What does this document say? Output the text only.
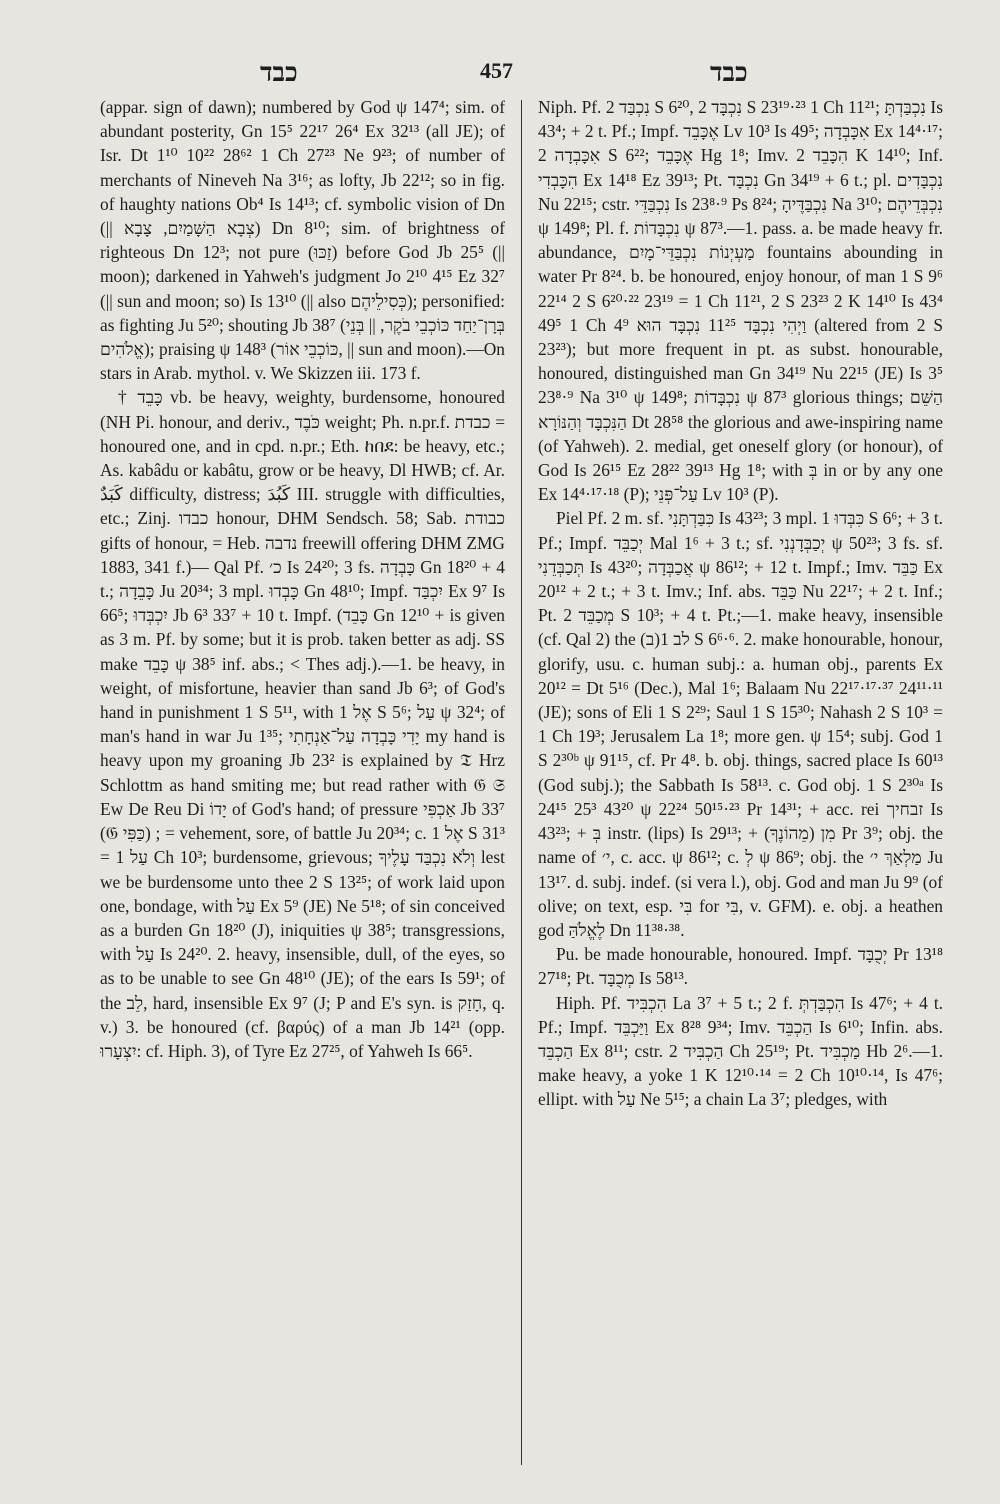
כבד	457	כבד

(appar. sign of dawn); numbered by God ψ 147⁴; sim. of abundant posterity, Gn 15⁵ 22¹⁷ 26⁴ Ex 32¹³ (all JE); of Isr. Dt 1¹⁰ 10²² 28⁶² 1 Ch 27²³ Ne 9²³; of number of merchants of Nineveh Na 3¹⁶; as lofty, Jb 22¹²; so in fig. of haughty nations Ob⁴ Is 14¹³; cf. symbolic vision of Dn (|| צְבָא הַשָּׁמַיִם, צָבָא) Dn 8¹⁰; sim. of brightness of righteous Dn 12³; not pure (זַכּוּ) before God Jb 25⁵ (|| moon); darkened in Yahweh's judgment Jo 2¹⁰ 4¹⁵ Ez 32⁷ (|| sun and moon; so) Is 13¹⁰ (|| also כְּסִילֵיהֶם); personified: as fighting Ju 5²⁰; shouting Jb 38⁷ (בְּרָן־יַחַד כּוֹכְבֵי בֹקֶר, || בְּנֵי אֱלֹהִים); praising ψ 148³ (כּוֹכְבֵי אוֹר, || sun and moon).—On stars in Arab. mythol. v. We Skizzen iii. 173 f.

† כָּבֵד vb. be heavy, weighty, burdensome, honoured (NH Pi. honour, and deriv., כֹּבֶד weight; Ph. n.pr.f. כבדת = honoured one, and in cpd. n.pr.; Eth. ከበደ: be heavy, etc.; As. kabâdu or kabâtu, grow or be heavy, Dl HWB; cf. Ar. كَبَدٌ difficulty, distress; كَبُدَ III. struggle with difficulties, etc.; Zinj. כבדו honour, DHM Sendsch. 58; Sab. כבודת gifts of honour, = Heb. נדבה freewill offering DHM ZMG 1883, 341 f.)— Qal Pf. כ׳ Is 24²⁰; 3 fs. כָּבְדָה Gn 18²⁰ + 4 t.; כָּבֵדָה Ju 20³⁴; 3 mpl. כָּבְדוּ Gn 48¹⁰; Impf. יִכְבַּד Ex 9⁷ Is 66⁵; יִכְבְּדוּ Jb 6³ 33⁷ + 10 t. Impf. (כָּבֵד Gn 12¹⁰ + is given as 3 m. Pf. by some; but it is prob. taken better as adj. SS make כָּבֵד ψ 38⁵ inf. abs.; < Thes adj.).—1. be heavy, in weight, of misfortune, heavier than sand Jb 6³; of God's hand in punishment 1 S 5¹¹, with אֶל 1 S 5⁶; עַל ψ 32⁴; of man's hand in war Ju 1³⁵; יָדִי כָּבְדָה עַל־אַנְחָתִי my hand is heavy upon my groaning Jb 23² is explained by 𝔗 Hrz Schlottm as hand smiting me; but read rather with 𝔊 𝔖 Ew De Reu Di יָדוֹ of God's hand; of pressure אַכְפִּי Jb 33⁷ (𝔊 כַּפִּי) ; = vehement, sore, of battle Ju 20³⁴; c. אֶל 1 S 31³ = עַל 1 Ch 10³; burdensome, grievous; וְלֹא נִכְבַּד עָלֶיךָ lest we be burdensome unto thee 2 S 13²⁵; of work laid upon one, bondage, with עַל Ex 5⁹ (JE) Ne 5¹⁸; of sin conceived as a burden Gn 18²⁰ (J), iniquities ψ 38⁵; transgressions, with עַל Is 24²⁰. 2. heavy, insensible, dull, of the eyes, so as to be unable to see Gn 48¹⁰ (JE); of the ears Is 59¹; of the לֵב, hard, insensible Ex 9⁷ (J; P and E's syn. is חָזַק, q. v.) 3. be honoured (cf. βαρύς) of a man Jb 14²¹ (opp. יִצְעָרוּ: cf. Hiph. 3), of Tyre Ez 27²⁵, of Yahweh Is 66⁵.

Niph. Pf. נִכְבַּד 2 S 6²⁰, נִכְבָּד 2 S 23¹⁹·²³ 1 Ch 11²¹; נִכְבַּדְתָּ Is 43⁴; + 2 t. Pf.; Impf. אֶכָּבֵד Lv 10³ Is 49⁵; אִכָּבְדָה Ex 14⁴·¹⁷; אִכָּבְדָה 2 S 6²²; אֶכָּבֵד Hg 1⁸; Imv. הִכָּבֵד 2 K 14¹⁰; Inf. הִכָּבְדִי Ex 14¹⁸ Ez 39¹³; Pt. נִכְבָּד Gn 34¹⁹ + 6 t.; pl. נִכְבָּדִים Nu 22¹⁵; cstr. נִכְבַּדֵּי Is 23⁸·⁹ Ps 8²⁴; נִכְבַּדֶּיהָ Na 3¹⁰; נִכְבְּדֵיהֶם ψ 149⁸; Pl. f. נִכְבָּדוֹת ψ 87³.—1. pass. a. be made heavy fr. abundance, מַעְיְנוֹת נִכְבַּדֵּי־מָיִם fountains abounding in water Pr 8²⁴. b. be honoured, enjoy honour, of man 1 S 9⁶ 22¹⁴ 2 S 6²⁰·²² 23¹⁹ = 1 Ch 11²¹, 2 S 23²³ 2 K 14¹⁰ Is 43⁴ 49⁵ 1 Ch 4⁹ וַיְהִי נִכְבָּד 11²⁵ נִכְבָּד הוּא (altered from 2 S 23²³); but more frequent in pt. as subst. honourable, honoured, distinguished man Gn 34¹⁹ Nu 22¹⁵ (JE) Is 3⁵ 23⁸·⁹ Na 3¹⁰ ψ 149⁸; נִכְבָּדוֹת ψ 87³ glorious things; הַשֵּׁם הַנִּכְבָּד וְהַנּוֹרָא Dt 28⁵⁸ the glorious and awe-inspiring name (of Yahweh). 2. medial, get oneself glory (or honour), of God Is 26¹⁵ Ez 28²² 39¹³ Hg 1⁸; with בְּ in or by any one Ex 14⁴·¹⁷·¹⁸ (P); עַל־פְּנֵי Lv 10³ (P).

Piel Pf. 2 m. sf. כִּבַּדְתָּנִי Is 43²³; 3 mpl. כִּבְּדוּ 1 S 6⁶; + 3 t. Pf.; Impf. יְכַבֵּד Mal 1⁶ + 3 t.; sf. יְכַבְּדָנְנִי ψ 50²³; 3 fs. sf. תְּכַבְּדֵנִי Is 43²⁰; אֲכַבְּדָה ψ 86¹²; + 12 t. Impf.; Imv. כַּבֵּד Ex 20¹² + 2 t.; + 3 t. Imv.; Inf. abs. כַּבֵּד Nu 22¹⁷; + 2 t. Inf.; Pt. מְכַבֵּד 2 S 10³; + 4 t. Pt.;—1. make heavy, insensible (cf. Qal 2) the (ב)לב 1 S 6⁶·⁶. 2. make honourable, honour, glorify, usu. c. human subj.: a. human obj., parents Ex 20¹² = Dt 5¹⁶ (Dec.), Mal 1⁶; Balaam Nu 22¹⁷·¹⁷·³⁷ 24¹¹·¹¹ (JE); sons of Eli 1 S 2²⁹; Saul 1 S 15³⁰; Nahash 2 S 10³ = 1 Ch 19³; Jerusalem La 1⁸; more gen. ψ 15⁴; subj. God 1 S 2³⁰ᵇ ψ 91¹⁵, cf. Pr 4⁸. b. obj. things, sacred place Is 60¹³ (God subj.); the Sabbath Is 58¹³. c. God obj. 1 S 2³⁰ᵃ Is 24¹⁵ 25³ 43²⁰ ψ 22²⁴ 50¹⁵·²³ Pr 14³¹; + acc. rei זבחיך Is 43²³; + בְּ instr. (lips) Is 29¹³; + מִן (מֵהוֹנֶךָ) Pr 3⁹; obj. the name of י׳, c. acc. ψ 86¹²; c. לְ ψ 86⁹; obj. the מַלְאַךְ י׳ Ju 13¹⁷. d. subj. indef. (si vera l.), obj. God and man Ju 9⁹ (of olive; on text, esp. בִּי for בִּי, v. GFM). e. obj. a heathen god לֶאֱלֹהַּ Dn 11³⁸·³⁸.

Pu. be made honourable, honoured. Impf. יְכֻבָּד Pr 13¹⁸ 27¹⁸; Pt. מְכֻבָּד Is 58¹³.

Hiph. Pf. הִכְבִּיד La 3⁷ + 5 t.; 2 f. הִכְבַּדְתְּ Is 47⁶; + 4 t. Pf.; Impf. וַיַּכְבֵּד Ex 8²⁸ 9³⁴; Imv. הַכְבֵּד Is 6¹⁰; Infin. abs. הַכְבֵּד Ex 8¹¹; cstr. הַכְבִּיד 2 Ch 25¹⁹; Pt. מַכְבִּיד Hb 2⁶.—1. make heavy, a yoke 1 K 12¹⁰·¹⁴ = 2 Ch 10¹⁰·¹⁴, Is 47⁶; ellipt. with עַל Ne 5¹⁵; a chain La 3⁷; pledges, with
